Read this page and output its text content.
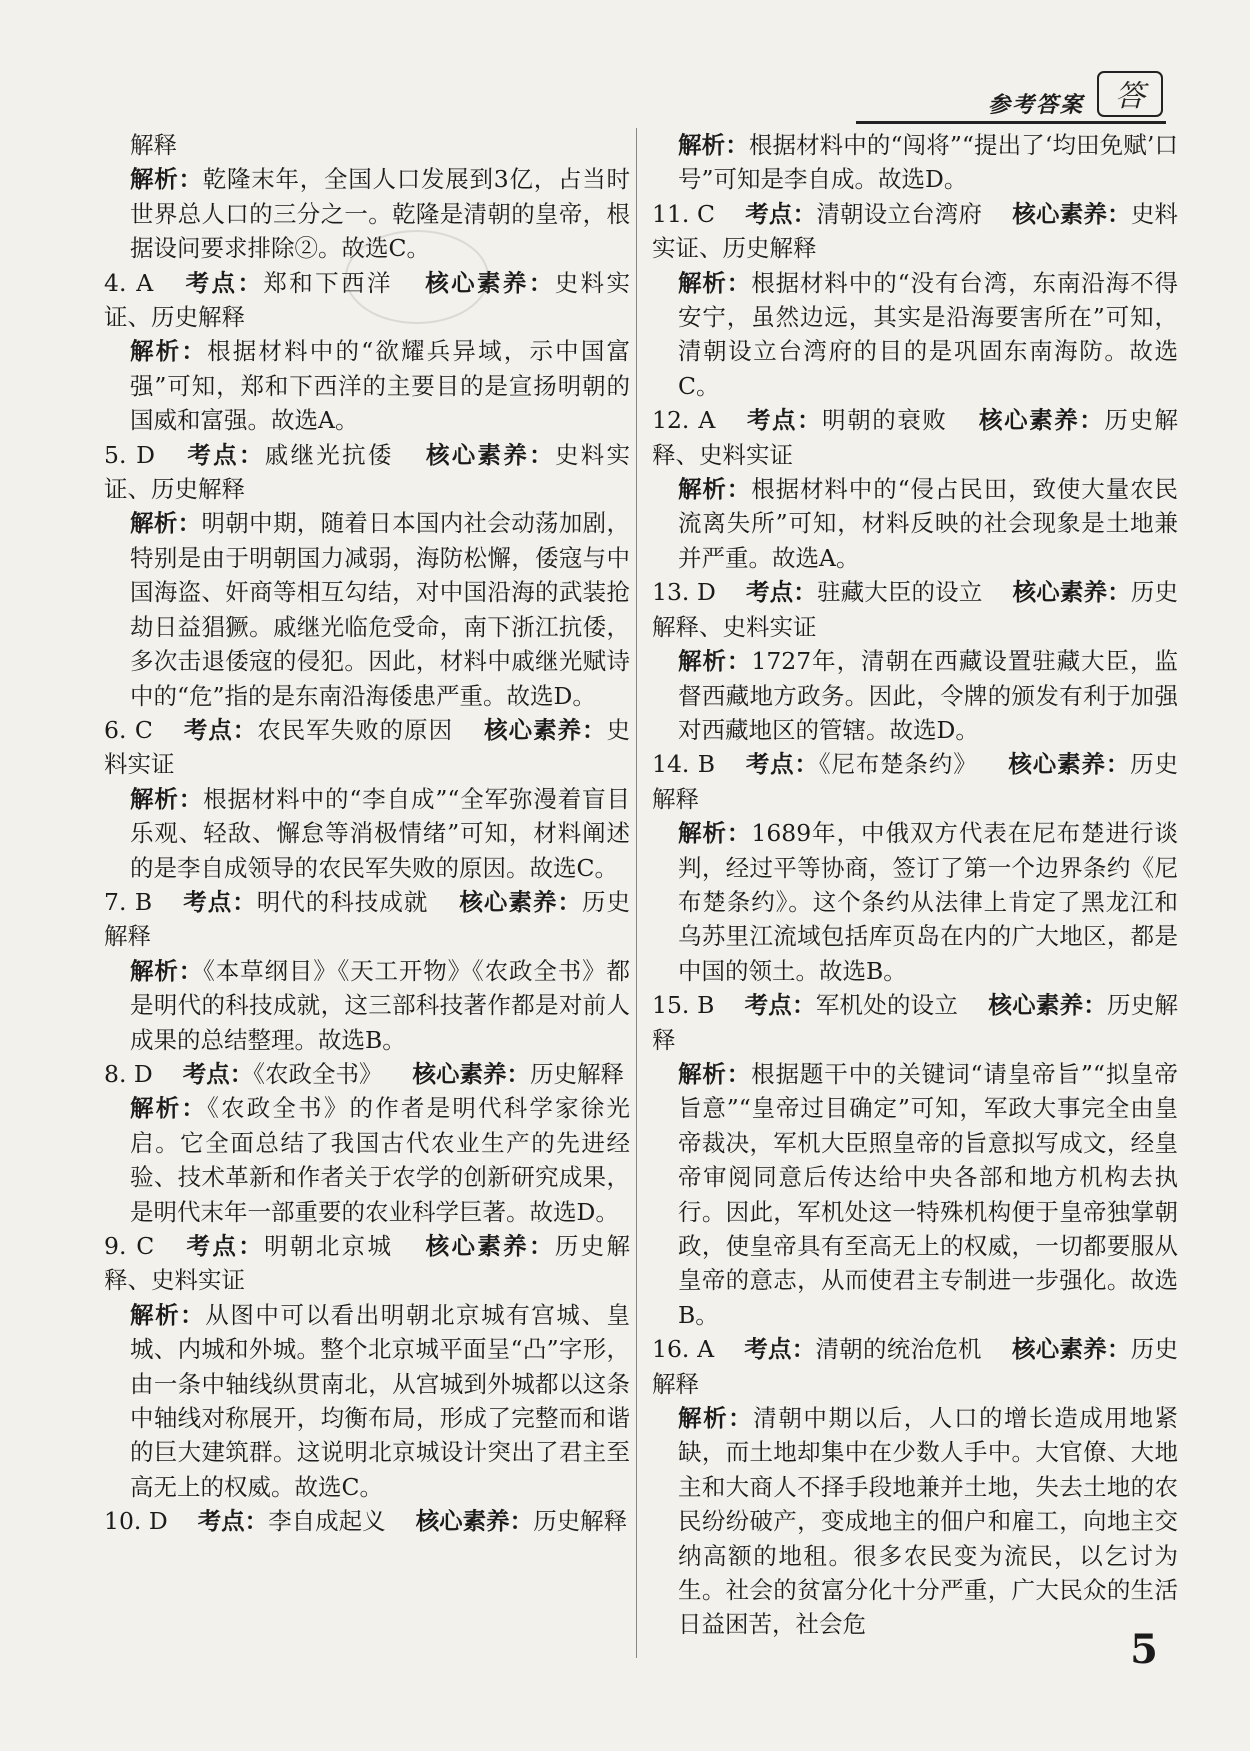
参考答案 答

解释

解析：乾隆末年，全国人口发展到3亿，占当时世界总人口的三分之一。乾隆是清朝的皇帝，根据设问要求排除②。故选C。

4. A 考点：郑和下西洋 核心素养：史料实证、历史解释

解析：根据材料中的“欲耀兵异域，示中国富强”可知，郑和下西洋的主要目的是宣扬明朝的国威和富强。故选A。

5. D 考点：戚继光抗倭 核心素养：史料实证、历史解释

解析：明朝中期，随着日本国内社会动荡加剧，特别是由于明朝国力减弱，海防松懈，倭寇与中国海盗、奸商等相互勾结，对中国沿海的武装抢劫日益猖獗。戚继光临危受命，南下浙江抗倭，多次击退倭寇的侵犯。因此，材料中戚继光赋诗中的“危”指的是东南沿海倭患严重。故选D。

6. C 考点：农民军失败的原因 核心素养：史料实证

解析：根据材料中的“李自成”“全军弥漫着盲目乐观、轻敌、懈怠等消极情绪”可知，材料阐述的是李自成领导的农民军失败的原因。故选C。

7. B 考点：明代的科技成就 核心素养：历史解释

解析：《本草纲目》《天工开物》《农政全书》都是明代的科技成就，这三部科技著作都是对前人成果的总结整理。故选B。

8. D 考点：《农政全书》 核心素养：历史解释

解析：《农政全书》的作者是明代科学家徐光启。它全面总结了我国古代农业生产的先进经验、技术革新和作者关于农学的创新研究成果，是明代末年一部重要的农业科学巨著。故选D。

9. C 考点：明朝北京城 核心素养：历史解释、史料实证

解析：从图中可以看出明朝北京城有宫城、皇城、内城和外城。整个北京城平面呈“凸”字形，由一条中轴线纵贯南北，从宫城到外城都以这条中轴线对称展开，均衡布局，形成了完整而和谐的巨大建筑群。这说明北京城设计突出了君主至高无上的权威。故选C。

10. D 考点：李自成起义 核心素养：历史解释

解析：根据材料中的“闯将”“提出了‘均田免赋’口号”可知是李自成。故选D。

11. C 考点：清朝设立台湾府 核心素养：史料实证、历史解释

解析：根据材料中的“没有台湾，东南沿海不得安宁，虽然边远，其实是沿海要害所在”可知，清朝设立台湾府的目的是巩固东南海防。故选C。

12. A 考点：明朝的衰败 核心素养：历史解释、史料实证

解析：根据材料中的“侵占民田，致使大量农民流离失所”可知，材料反映的社会现象是土地兼并严重。故选A。

13. D 考点：驻藏大臣的设立 核心素养：历史解释、史料实证

解析：1727年，清朝在西藏设置驻藏大臣，监督西藏地方政务。因此，令牌的颁发有利于加强对西藏地区的管辖。故选D。

14. B 考点：《尼布楚条约》 核心素养：历史解释

解析：1689年，中俄双方代表在尼布楚进行谈判，经过平等协商，签订了第一个边界条约《尼布楚条约》。这个条约从法律上肯定了黑龙江和乌苏里江流域包括库页岛在内的广大地区，都是中国的领土。故选B。

15. B 考点：军机处的设立 核心素养：历史解释

解析：根据题干中的关键词“请皇帝旨”“拟皇帝旨意”“皇帝过目确定”可知，军政大事完全由皇帝裁决，军机大臣照皇帝的旨意拟写成文，经皇帝审阅同意后传达给中央各部和地方机构去执行。因此，军机处这一特殊机构便于皇帝独掌朝政，使皇帝具有至高无上的权威，一切都要服从皇帝的意志，从而使君主专制进一步强化。故选B。

16. A 考点：清朝的统治危机 核心素养：历史解释

解析：清朝中期以后，人口的增长造成用地紧缺，而土地却集中在少数人手中。大官僚、大地主和大商人不择手段地兼并土地，失去土地的农民纷纷破产，变成地主的佃户和雇工，向地主交纳高额的地租。很多农民变为流民，以乞讨为生。社会的贫富分化十分严重，广大民众的生活日益困苦，社会危

5
